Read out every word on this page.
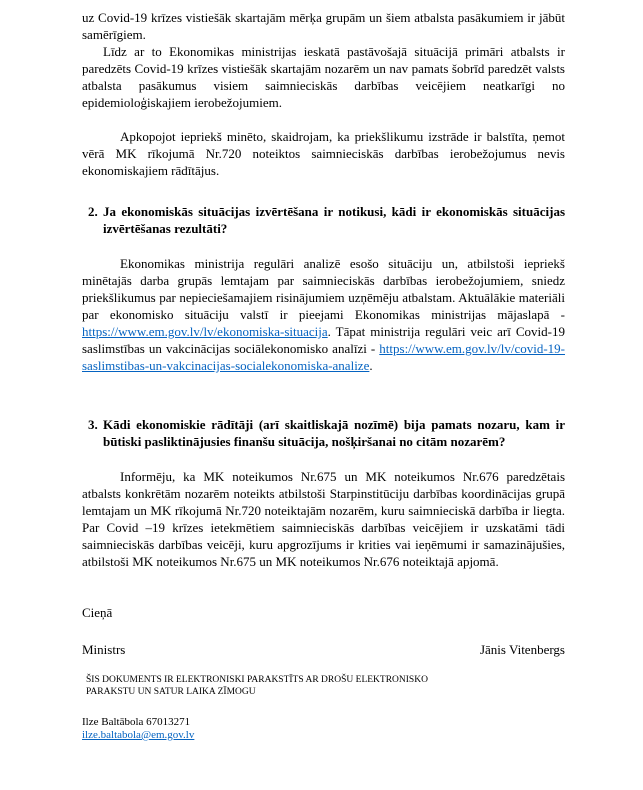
uz Covid-19 krīzes vistiešāk skartajām mērķa grupām un šiem atbalsta pasākumiem ir jābūt samērīgiem.

Līdz ar to Ekonomikas ministrijas ieskatā pastāvošajā situācijā primāri atbalsts ir paredzēts Covid-19 krīzes vistiešāk skartajām nozarēm un nav pamats šobrīd paredzēt valsts atbalsta pasākumus visiem saimnieciskās darbības veicējiem neatkarīgi no epidemioloģiskajiem ierobežojumiem.

Apkopojot iepriekš minēto, skaidrojam, ka priekšlikumu izstrāde ir balstīta, ņemot vērā MK rīkojumā Nr.720 noteiktos saimnieciskās darbības ierobežojumus nevis ekonomiskajiem rādītājus.

2. Ja ekonomiskās situācijas izvērtēšana ir notikusi, kādi ir ekonomiskās situācijas izvērtēšanas rezultāti?

Ekonomikas ministrija regulāri analizē esošo situāciju un, atbilstoši iepriekš minētajās darba grupās lemtajam par saimnieciskās darbības ierobežojumiem, sniedz priekšlikumus par nepieciešamajiem risinājumiem uzņēmēju atbalstam. Aktuālākie materiāli par ekonomisko situāciju valstī ir pieejami Ekonomikas ministrijas mājaslapā - https://www.em.gov.lv/lv/ekonomiska-situacija. Tāpat ministrija regulāri veic arī Covid-19 saslimstības un vakcinācijas sociālekonomisko analīzi - https://www.em.gov.lv/lv/covid-19-saslimstibas-un-vakcinacijas-socialekonomiska-analize.

3. Kādi ekonomiskie rādītāji (arī skaitliskajā nozīmē) bija pamats nozaru, kam ir būtiski pasliktinājusies finanšu situācija, nošķiršanai no citām nozarēm?

Informēju, ka MK noteikumos Nr.675 un MK noteikumos Nr.676 paredzētais atbalsts konkrētām nozarēm noteikts atbilstoši Starpinstitūciju darbības koordinācijas grupā lemtajam un MK rīkojumā Nr.720 noteiktajām nozarēm, kuru saimnieciskā darbība ir liegta. Par Covid –19 krīzes ietekmētiem saimnieciskās darbības veicējiem ir uzskatāmi tādi saimnieciskās darbības veicēji, kuru apgrozījums ir krities vai ieņēmumi ir samazinājušies, atbilstoši MK noteikumos Nr.675 un MK noteikumos Nr.676 noteiktajā apjomā.

Cieņā

Ministrs	Jānis Vitenbergs
ŠIS DOKUMENTS IR ELEKTRONISKI PARAKSTĪTS AR DROŠU ELEKTRONISKO
PARAKSTU UN SATUR LAIKA ZĪMOGU
Ilze Baltābola 67013271
ilze.baltabola@em.gov.lv
